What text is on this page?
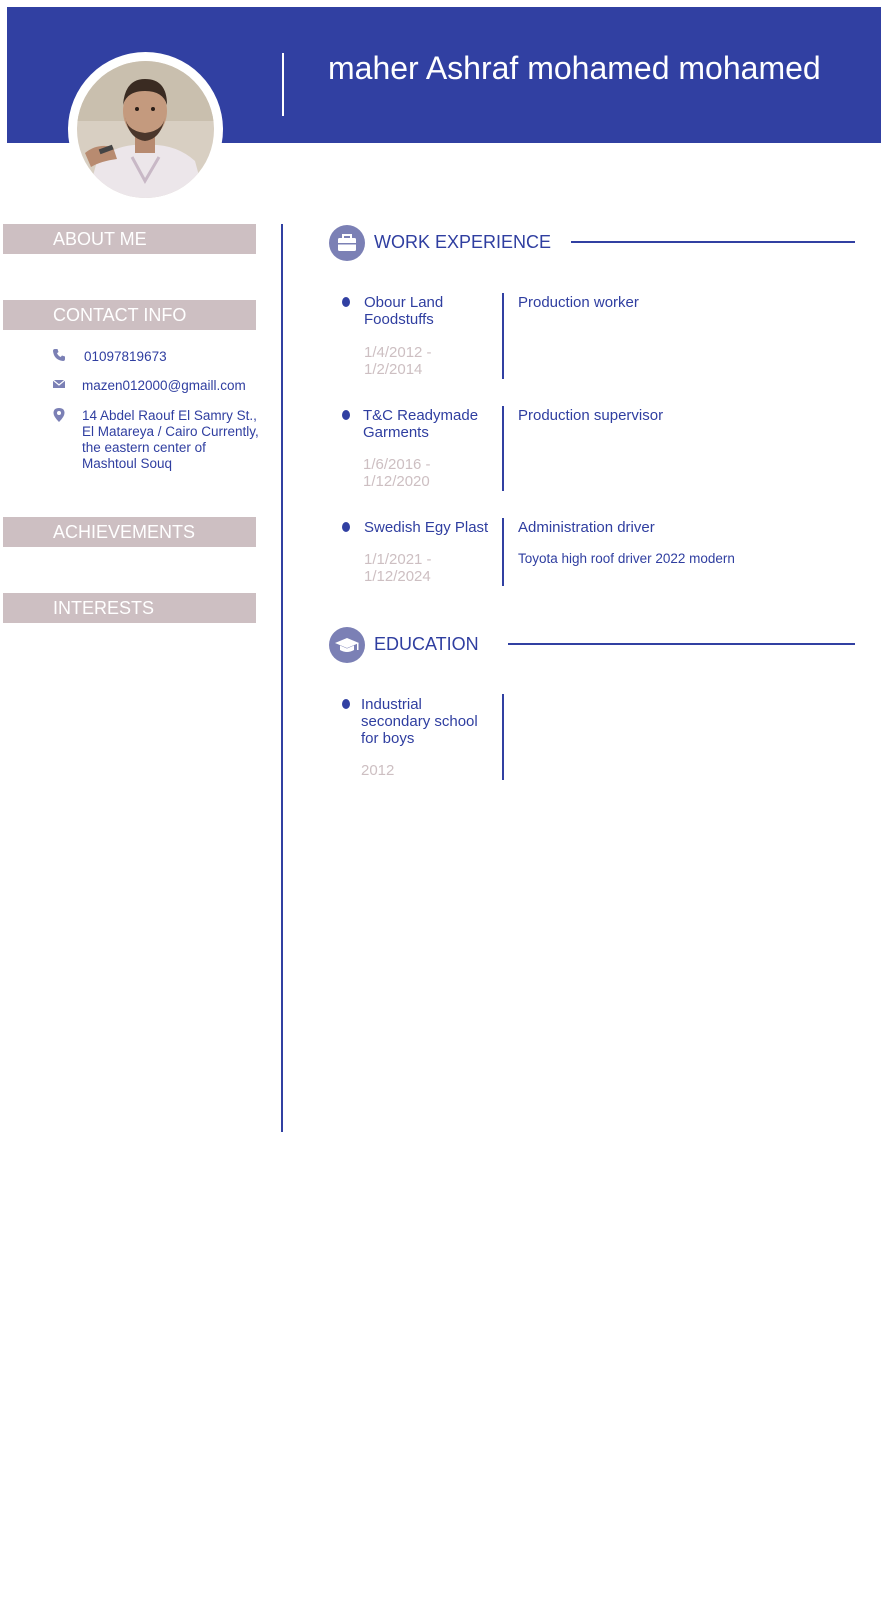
maher Ashraf mohamed mohamed
ABOUT ME
CONTACT INFO
01097819673
mazen012000@gmaill.com
14 Abdel Raouf El Samry St., El Matareya / Cairo Currently, the eastern center of Mashtoul Souq
ACHIEVEMENTS
INTERESTS
WORK EXPERIENCE
Obour Land Foodstuffs
1/4/2012 - 1/2/2014
Production worker
T&C Readymade Garments
1/6/2016 - 1/12/2020
Production supervisor
Swedish Egy Plast
1/1/2021 - 1/12/2024
Administration driver
Toyota high roof driver 2022 modern
EDUCATION
Industrial secondary school for boys
2012
